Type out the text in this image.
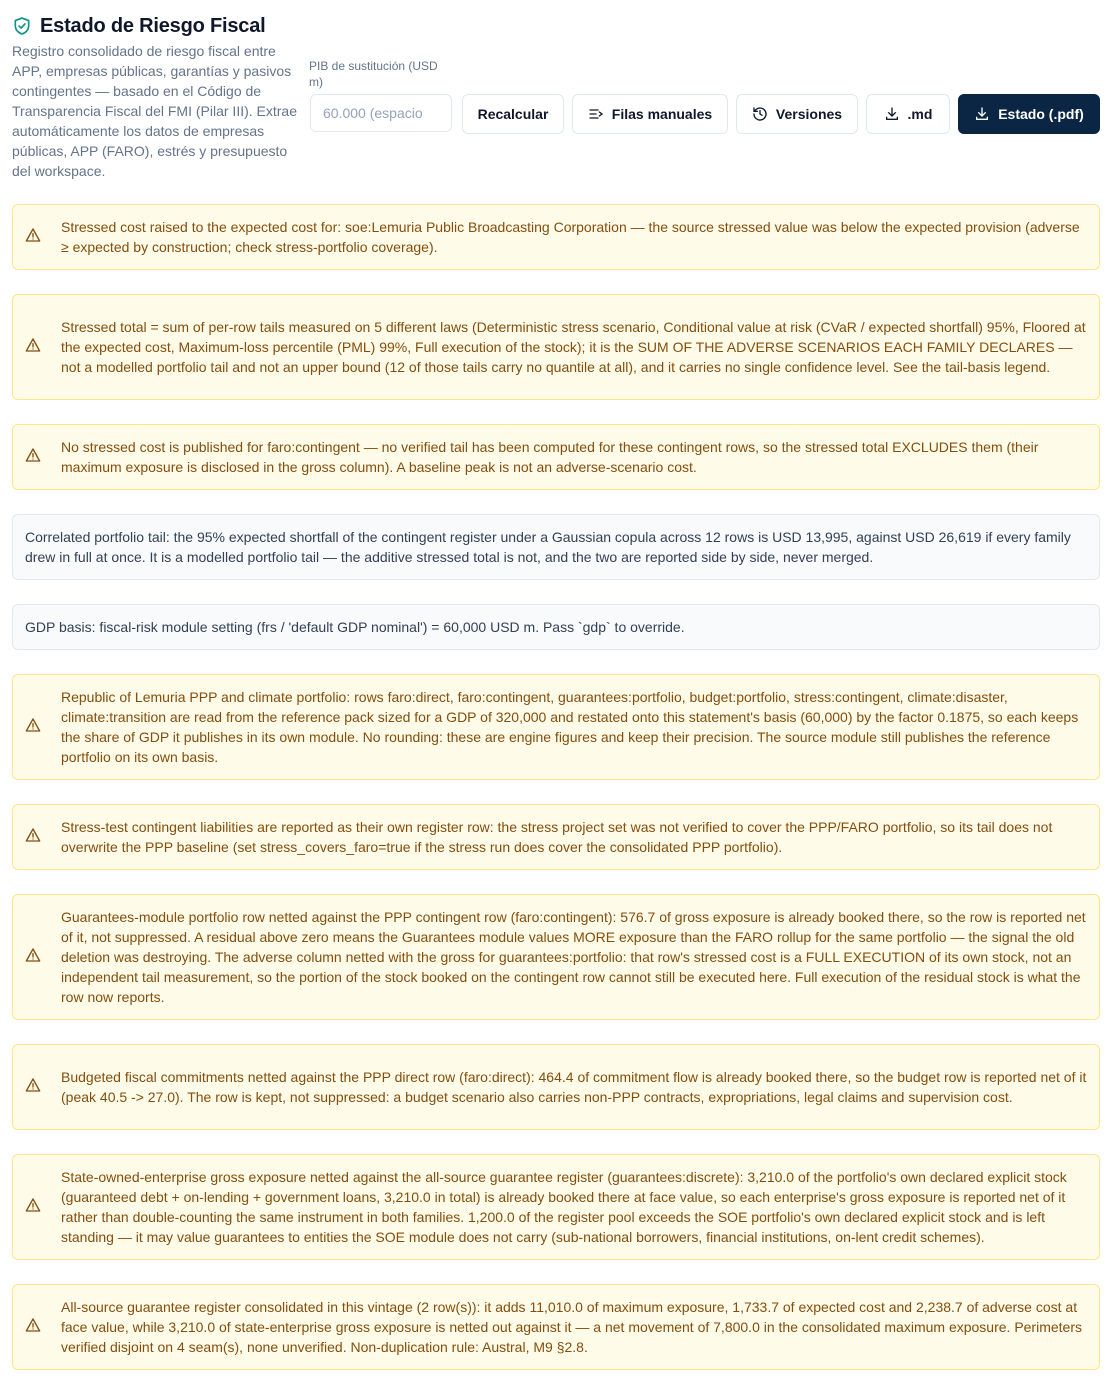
Estado de Riesgo Fiscal

Registro consolidado de riesgo fiscal entre APP, empresas públicas, garantías y pasivos contingentes — basado en el Código de Transparencia Fiscal del FMI (Pilar III). Extrae automáticamente los datos de empresas públicas, APP (FARO), estrés y presupuesto del workspace.

PIB de sustitución (USD m)
60.000 (espacio
Recalcular	Filas manuales	Versiones	.md	Estado (.pdf)
Stressed cost raised to the expected cost for: soe:Lemuria Public Broadcasting Corporation — the source stressed value was below the expected provision (adverse ≥ expected by construction; check stress-portfolio coverage).
Stressed total = sum of per-row tails measured on 5 different laws (Deterministic stress scenario, Conditional value at risk (CVaR / expected shortfall) 95%, Floored at the expected cost, Maximum-loss percentile (PML) 99%, Full execution of the stock); it is the SUM OF THE ADVERSE SCENARIOS EACH FAMILY DECLARES — not a modelled portfolio tail and not an upper bound (12 of those tails carry no quantile at all), and it carries no single confidence level. See the tail-basis legend.
No stressed cost is published for faro:contingent — no verified tail has been computed for these contingent rows, so the stressed total EXCLUDES them (their maximum exposure is disclosed in the gross column). A baseline peak is not an adverse-scenario cost.
Correlated portfolio tail: the 95% expected shortfall of the contingent register under a Gaussian copula across 12 rows is USD 13,995, against USD 26,619 if every family drew in full at once. It is a modelled portfolio tail — the additive stressed total is not, and the two are reported side by side, never merged.
GDP basis: fiscal-risk module setting (frs / 'default GDP nominal') = 60,000 USD m. Pass `gdp` to override.
Republic of Lemuria PPP and climate portfolio: rows faro:direct, faro:contingent, guarantees:portfolio, budget:portfolio, stress:contingent, climate:disaster, climate:transition are read from the reference pack sized for a GDP of 320,000 and restated onto this statement's basis (60,000) by the factor 0.1875, so each keeps the share of GDP it publishes in its own module. No rounding: these are engine figures and keep their precision. The source module still publishes the reference portfolio on its own basis.
Stress-test contingent liabilities are reported as their own register row: the stress project set was not verified to cover the PPP/FARO portfolio, so its tail does not overwrite the PPP baseline (set stress_covers_faro=true if the stress run does cover the consolidated PPP portfolio).
Guarantees-module portfolio row netted against the PPP contingent row (faro:contingent): 576.7 of gross exposure is already booked there, so the row is reported net of it, not suppressed. A residual above zero means the Guarantees module values MORE exposure than the FARO rollup for the same portfolio — the signal the old deletion was destroying. The adverse column netted with the gross for guarantees:portfolio: that row's stressed cost is a FULL EXECUTION of its own stock, not an independent tail measurement, so the portion of the stock booked on the contingent row cannot still be executed here. Full execution of the residual stock is what the row now reports.
Budgeted fiscal commitments netted against the PPP direct row (faro:direct): 464.4 of commitment flow is already booked there, so the budget row is reported net of it (peak 40.5 -> 27.0). The row is kept, not suppressed: a budget scenario also carries non-PPP contracts, expropriations, legal claims and supervision cost.
State-owned-enterprise gross exposure netted against the all-source guarantee register (guarantees:discrete): 3,210.0 of the portfolio's own declared explicit stock (guaranteed debt + on-lending + government loans, 3,210.0 in total) is already booked there at face value, so each enterprise's gross exposure is reported net of it rather than double-counting the same instrument in both families. 1,200.0 of the register pool exceeds the SOE portfolio's own declared explicit stock and is left standing — it may value guarantees to entities the SOE module does not carry (sub-national borrowers, financial institutions, on-lent credit schemes).
All-source guarantee register consolidated in this vintage (2 row(s)): it adds 11,010.0 of maximum exposure, 1,733.7 of expected cost and 2,238.7 of adverse cost at face value, while 3,210.0 of state-enterprise gross exposure is netted out against it — a net movement of 7,800.0 in the consolidated maximum exposure. Perimeters verified disjoint on 4 seam(s), none unverified. Non-duplication rule: Austral, M9 §2.8.
